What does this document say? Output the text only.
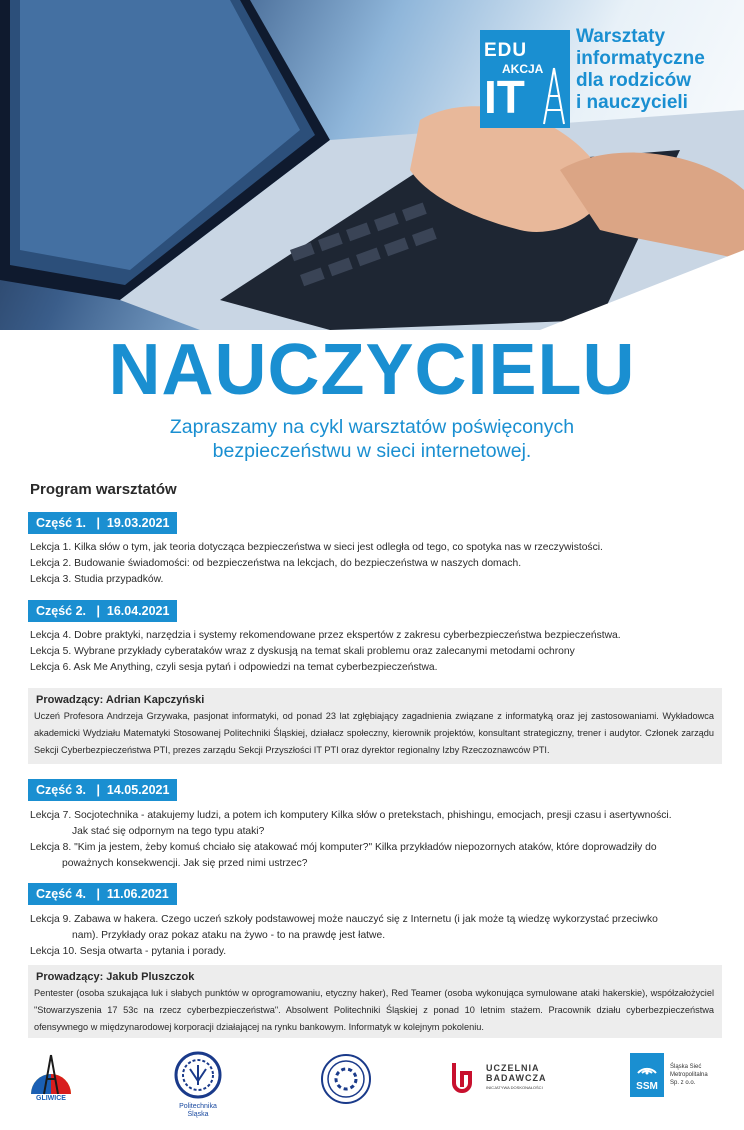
EDU
AKCJA
IT
Warsztaty
informatyczne
dla rodziców
i nauczycieli
NAUCZYCIELU
Zapraszamy na cykl warsztatów poświęconych bezpieczeństwu w sieci internetowej.
Program warsztatów
Część 1.   |  19.03.2021
Lekcja 1. Kilka słów o tym, jak teoria dotycząca bezpieczeństwa w sieci jest odległa od tego, co spotyka nas w rzeczywistości.
Lekcja 2. Budowanie świadomości: od bezpieczeństwa na lekcjach, do bezpieczeństwa w naszych domach.
Lekcja 3. Studia przypadków.
Część 2.   |  16.04.2021
Lekcja 4. Dobre praktyki, narzędzia i systemy rekomendowane przez ekspertów z zakresu cyberbezpieczeństwa bezpieczeństwa.
Lekcja 5. Wybrane przykłady cyberataków wraz z dyskusją na temat skali problemu oraz zalecanymi metodami ochrony
Lekcja 6. Ask Me Anything, czyli sesja pytań i odpowiedzi na temat cyberbezpieczeństwa.
Prowadzący: Adrian Kapczyński
Uczeń Profesora Andrzeja Grzywaka, pasjonat informatyki, od ponad 23 lat zgłębiający zagadnienia związane z informatyką oraz jej zastosowaniami. Wykładowca akademicki Wydziału Matematyki Stosowanej Politechniki Śląskiej, działacz społeczny, kierownik projektów, konsultant strategiczny, trener i audytor. Członek zarządu Sekcji Cyberbezpieczeństwa PTI, prezes zarządu Sekcji Przyszłości IT PTI oraz dyrektor regionalny Izby Rzeczoznawców PTI.
Część 3.   |  14.05.2021
Lekcja 7. Socjotechnika - atakujemy ludzi, a potem ich komputery Kilka słów o pretekstach, phishingu, emocjach, presji czasu i asertywności.
Jak stać się odpornym na tego typu ataki?
Lekcja 8. "Kim ja jestem, żeby komuś chciało się atakować mój komputer?" Kilka przykładów niepozornych ataków, które doprowadziły do
poważnych konsekwencji. Jak się przed nimi ustrzec?
Część 4.   |  11.06.2021
Lekcja 9. Zabawa w hakera. Czego uczeń szkoły podstawowej może nauczyć się z Internetu (i jak może tą wiedzę wykorzystać przeciwko
nam). Przykłady oraz pokaz ataku na żywo - to na prawdę jest łatwe.
Lekcja 10. Sesja otwarta - pytania i porady.
Prowadzący: Jakub Pluszczok
Pentester (osoba szukająca luk i słabych punktów w oprogramowaniu, etyczny haker), Red Teamer (osoba wykonująca symulowane ataki hakerskie), współzałożyciel "Stowarzyszenia 17 53c na rzecz cyberbezpieczeństwa". Absolwent Politechniki Śląskiej z ponad 10 letnim stażem. Pracownik działu cyberbezpieczeństwa ofensywnego w międzynarodowej korporacji działającej na rynku bankowym. Informatyk w kolejnym pokoleniu.
GLIWICE
Politechnika
Śląska
UCZELNIA
BADAWCZA
INICJATYWA DOSKONAŁOŚCI	SSM
Śląska Sieć
Metropolitalna
Sp. z o.o.
